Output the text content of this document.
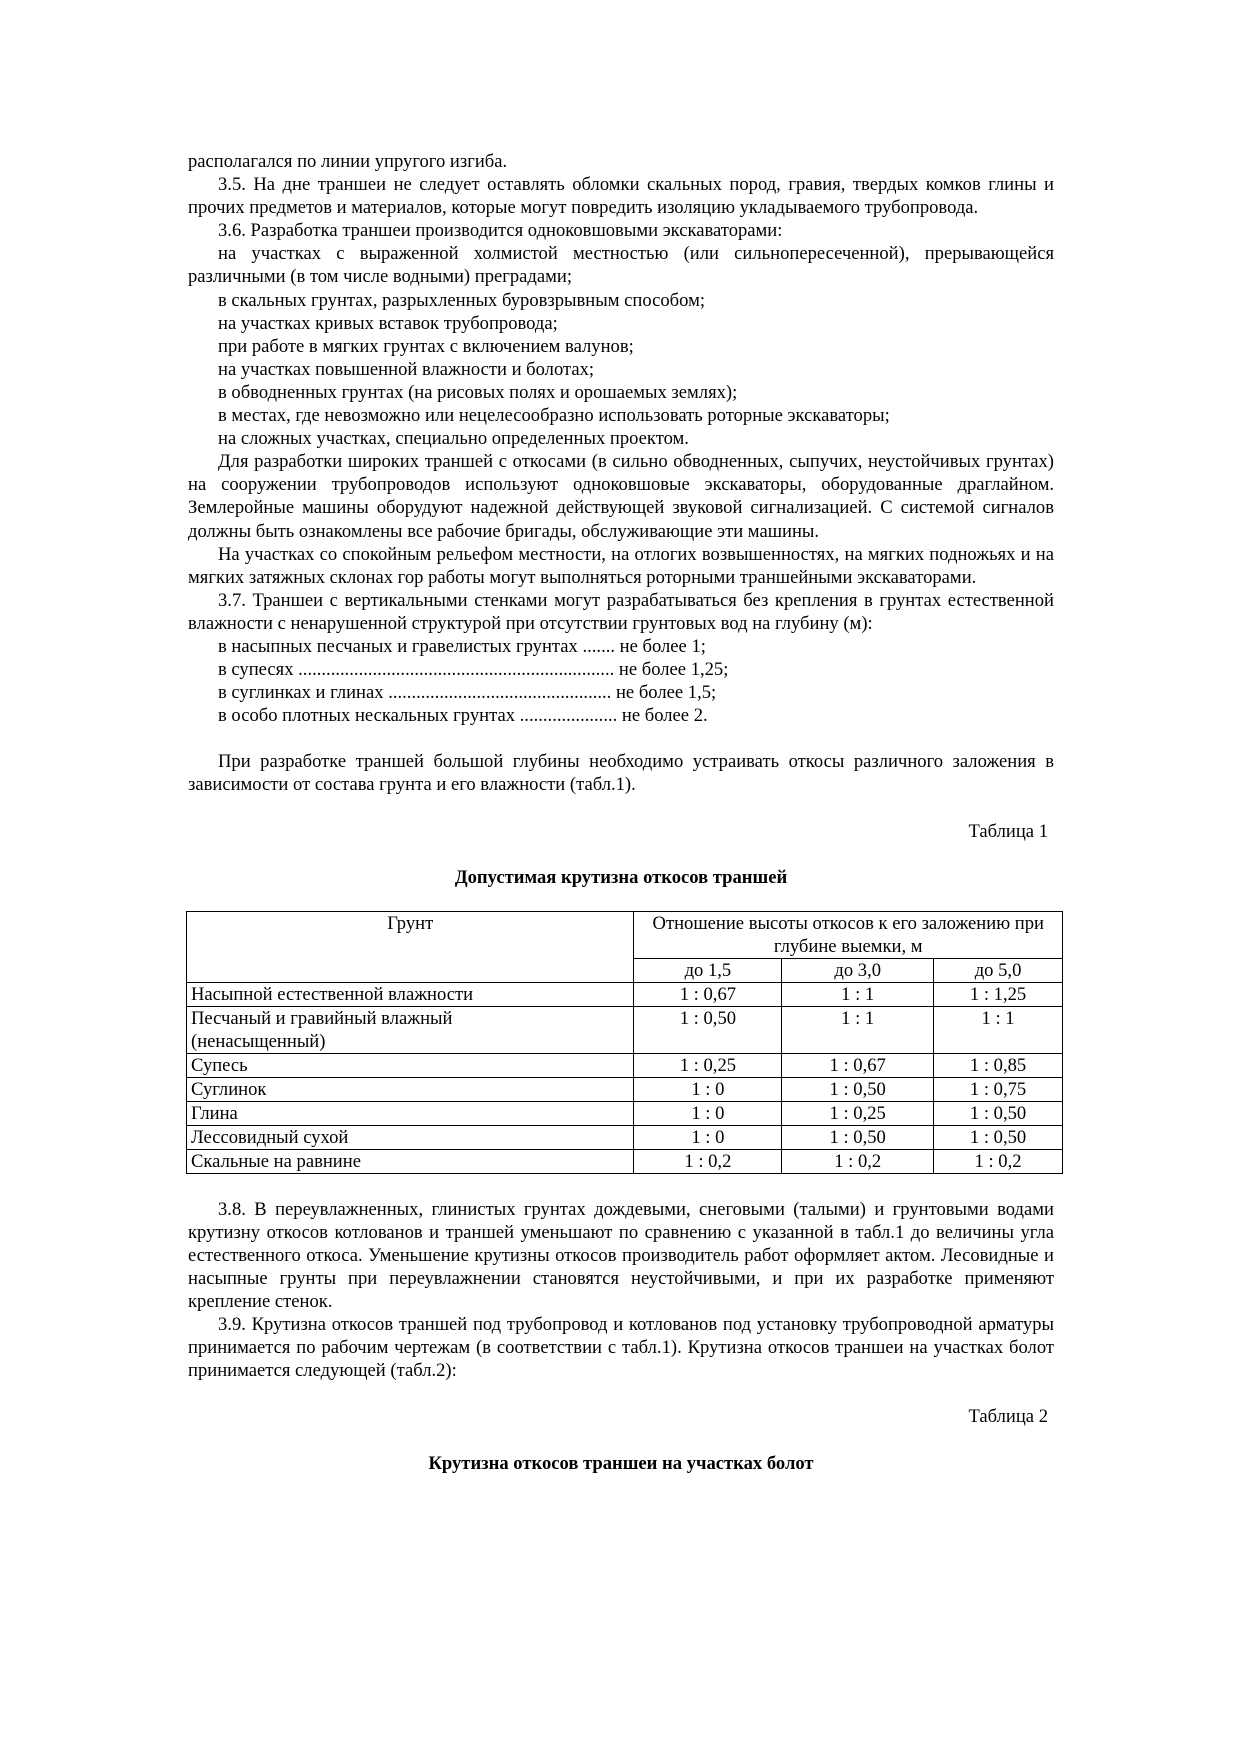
располагался по линии упругого изгиба.

3.5. На дне траншеи не следует оставлять обломки скальных пород, гравия, твердых комков глины и прочих предметов и материалов, которые могут повредить изоляцию укладываемого трубопровода.

3.6. Разработка траншеи производится одноковшовыми экскаваторами:

на участках с выраженной холмистой местностью (или сильнопересеченной), прерывающейся различными (в том числе водными) преградами;

в скальных грунтах, разрыхленных буровзрывным способом;

на участках кривых вставок трубопровода;

при работе в мягких грунтах с включением валунов;

на участках повышенной влажности и болотах;

в обводненных грунтах (на рисовых полях и орошаемых землях);

в местах, где невозможно или нецелесообразно использовать роторные экскаваторы;

на сложных участках, специально определенных проектом.

Для разработки широких траншей с откосами (в сильно обводненных, сыпучих, неустойчивых грунтах) на сооружении трубопроводов используют одноковшовые экскаваторы, оборудованные драглайном. Землеройные машины оборудуют надежной действующей звуковой сигнализацией. С системой сигналов должны быть ознакомлены все рабочие бригады, обслуживающие эти машины.

На участках со спокойным рельефом местности, на отлогих возвышенностях, на мягких подножьях и на мягких затяжных склонах гор работы могут выполняться роторными траншейными экскаваторами.

3.7. Траншеи с вертикальными стенками могут разрабатываться без крепления в грунтах естественной влажности с ненарушенной структурой при отсутствии грунтовых вод на глубину (м):

в насыпных песчаных и гравелистых грунтах ....... не более 1;

в супесях .................................................................... не более 1,25;

в суглинках и глинах ................................................ не более 1,5;

в особо плотных нескальных грунтах ..................... не более 2.

При разработке траншей большой глубины необходимо устраивать откосы различного заложения в зависимости от состава грунта и его влажности (табл.1).

Таблица 1

Допустимая крутизна откосов траншей

Грунт	Отношение высоты откосов к его заложению при глубине выемки, м		
	до 1,5	до 3,0	до 5,0
Насыпной естественной влажности	1 : 0,67	1 : 1	1 : 1,25

Песчаный и гравийный влажный
(ненасыщенный)	1 : 0,50	1 : 1	1 : 1
Супесь	1 : 0,25	1 : 0,67	1 : 0,85
Суглинок	1 : 0	1 : 0,50	1 : 0,75
Глина	1 : 0	1 : 0,25	1 : 0,50
Лессовидный сухой	1 : 0	1 : 0,50	1 : 0,50
Скальные на равнине	1 : 0,2	1 : 0,2	1 : 0,2

3.8. В переувлажненных, глинистых грунтах дождевыми, снеговыми (талыми) и грунтовыми водами крутизну откосов котлованов и траншей уменьшают по сравнению с указанной в табл.1 до величины угла естественного откоса. Уменьшение крутизны откосов производитель работ оформляет актом. Лесовидные и насыпные грунты при переувлажнении становятся неустойчивыми, и при их разработке применяют крепление стенок.

3.9. Крутизна откосов траншей под трубопровод и котлованов под установку трубопроводной арматуры принимается по рабочим чертежам (в соответствии с табл.1). Крутизна откосов траншеи на участках болот принимается следующей (табл.2):

Таблица 2

Крутизна откосов траншеи на участках болот
